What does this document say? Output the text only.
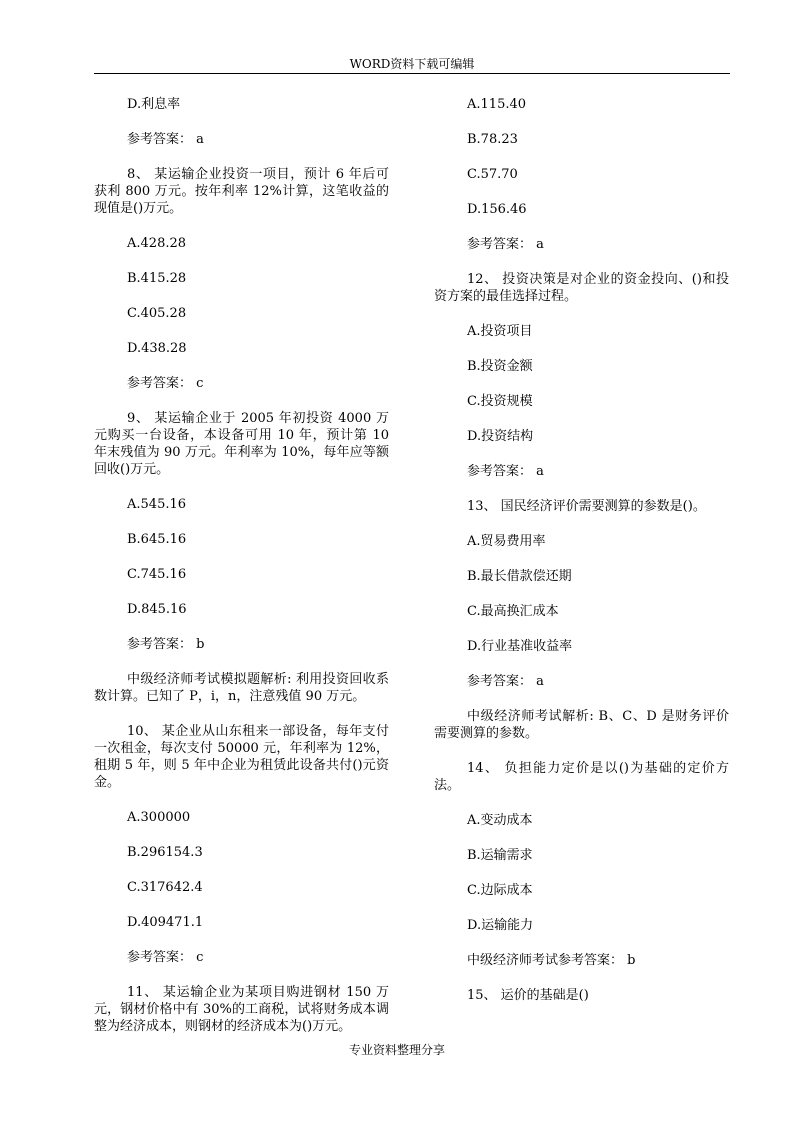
WORD资料下载可编辑

D.利息率

参考答案： a

8、 某运输企业投资一项目，预计 6 年后可获利 800 万元。按年利率 12%计算，这笔收益的现值是()万元。

A.428.28

B.415.28

C.405.28

D.438.28

参考答案： c

9、 某运输企业于 2005 年初投资 4000 万元购买一台设备，本设备可用 10 年，预计第 10 年末残值为 90 万元。年利率为 10%，每年应等额回收()万元。

A.545.16

B.645.16

C.745.16

D.845.16

参考答案： b

中级经济师考试模拟题解析: 利用投资回收系数计算。已知了 P，i，n，注意残值 90 万元。

10、 某企业从山东租来一部设备，每年支付一次租金，每次支付 50000 元，年利率为 12%，租期 5 年，则 5 年中企业为租赁此设备共付()元资金。

A.300000

B.296154.3

C.317642.4

D.409471.1

参考答案： c

11、 某运输企业为某项目购进钢材 150 万元，钢材价格中有 30%的工商税，试将财务成本调整为经济成本，则钢材的经济成本为()万元。

A.115.40

B.78.23

C.57.70

D.156.46

参考答案： a

12、 投资决策是对企业的资金投向、()和投资方案的最佳选择过程。

A.投资项目

B.投资金额

C.投资规模

D.投资结构

参考答案： a

13、 国民经济评价需要测算的参数是()。

A.贸易费用率

B.最长借款偿还期

C.最高换汇成本

D.行业基准收益率

参考答案： a

中级经济师考试解析: B、C、D 是财务评价需要测算的参数。

14、 负担能力定价是以()为基础的定价方法。

A.变动成本

B.运输需求

C.边际成本

D.运输能力

中级经济师考试参考答案： b

15、 运价的基础是()

专业资料整理分享
